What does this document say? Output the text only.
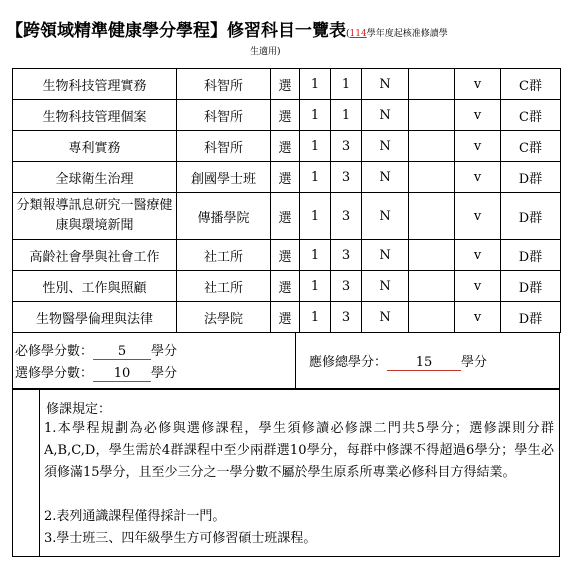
【跨領域精準健康學分學程】修習科目一覽表(114學年度起核准修讀學
生適用)
生物科技管理實務	科智所	選	1	1	N		v	C群
生物科技管理個案	科智所	選	1	1	N		v	C群
專利實務	科智所	選	1	3	N		v	C群
全球衛生治理	創國學士班	選	1	3	N		v	D群
分類報導訊息研究一醫療健康與環境新聞	傳播學院	選	1	3	N		v	D群
高齡社會學與社會工作	社工所	選	1	3	N		v	D群
性別、工作與照顧	社工所	選	1	3	N		v	D群
生物醫學倫理與法律	法學院	選	1	3	N		v	D群
必修學分數： 5 學分
選修學分數： 10 學分
應修總學分： 15 學分
修課規定：
1.本學程規劃為必修與選修課程，學生須修讀必修課二門共5學分；選修課則分群 A,B,C,D，學生需於4群課程中至少兩群選10學分，每群中修課不得超過6學分；學生必須修滿15學分，且至少三分之一學分數不屬於學生原系所專業必修科目方得結業。
2.表列通識課程僅得採計一門。
3.學士班三、四年級學生方可修習碩士班課程。
